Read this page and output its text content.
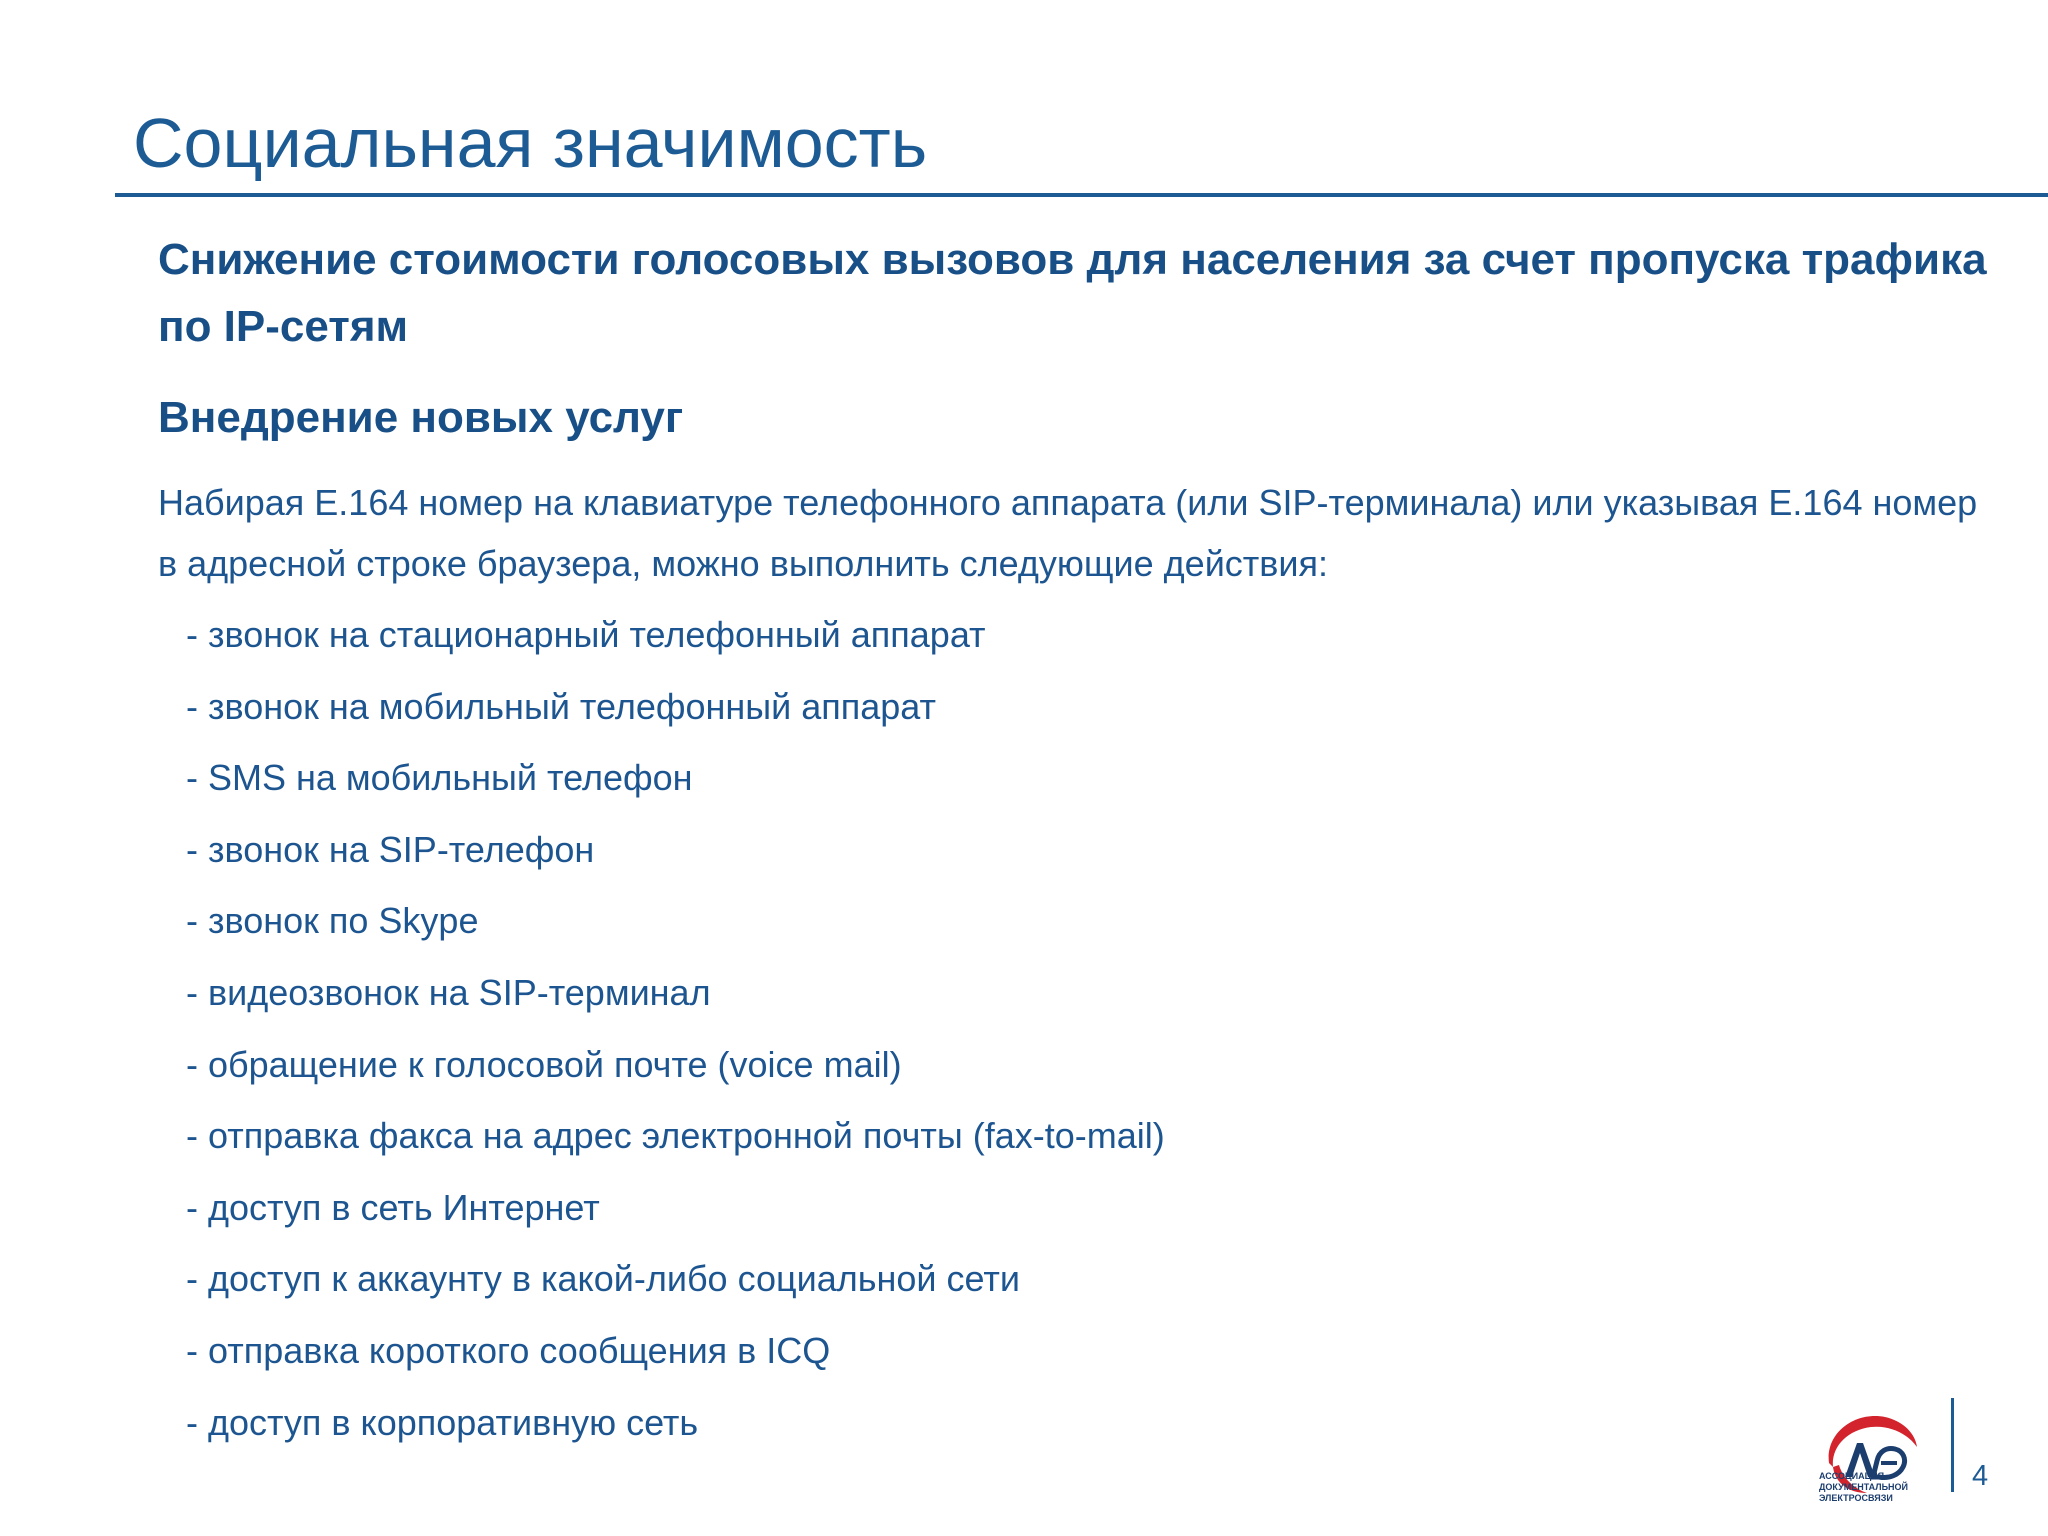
Социальная значимость

Снижение стоимости голосовых вызовов для населения за счет пропуска трафика по IP-сетям

Внедрение новых услуг

Набирая Е.164 номер на клавиатуре телефонного аппарата (или SIP-терминала) или указывая Е.164 номер в адресной строке браузера, можно выполнить следующие действия:

- звонок на стационарный телефонный аппарат
- звонок на мобильный телефонный аппарат
- SMS на мобильный телефон
- звонок на SIP-телефон
- звонок по Skype
- видеозвонок на SIP-терминал
- обращение к голосовой почте (voice mail)
- отправка факса на адрес электронной почты (fax-to-mail)
- доступ в сеть Интернет
- доступ к аккаунту в какой-либо социальной сети
- отправка короткого сообщения в ICQ
- доступ в корпоративную сеть
АССОЦИАЦИЯ
ДОКУМЕНТАЛЬНОЙ
ЭЛЕКТРОСВЯЗИ
4
